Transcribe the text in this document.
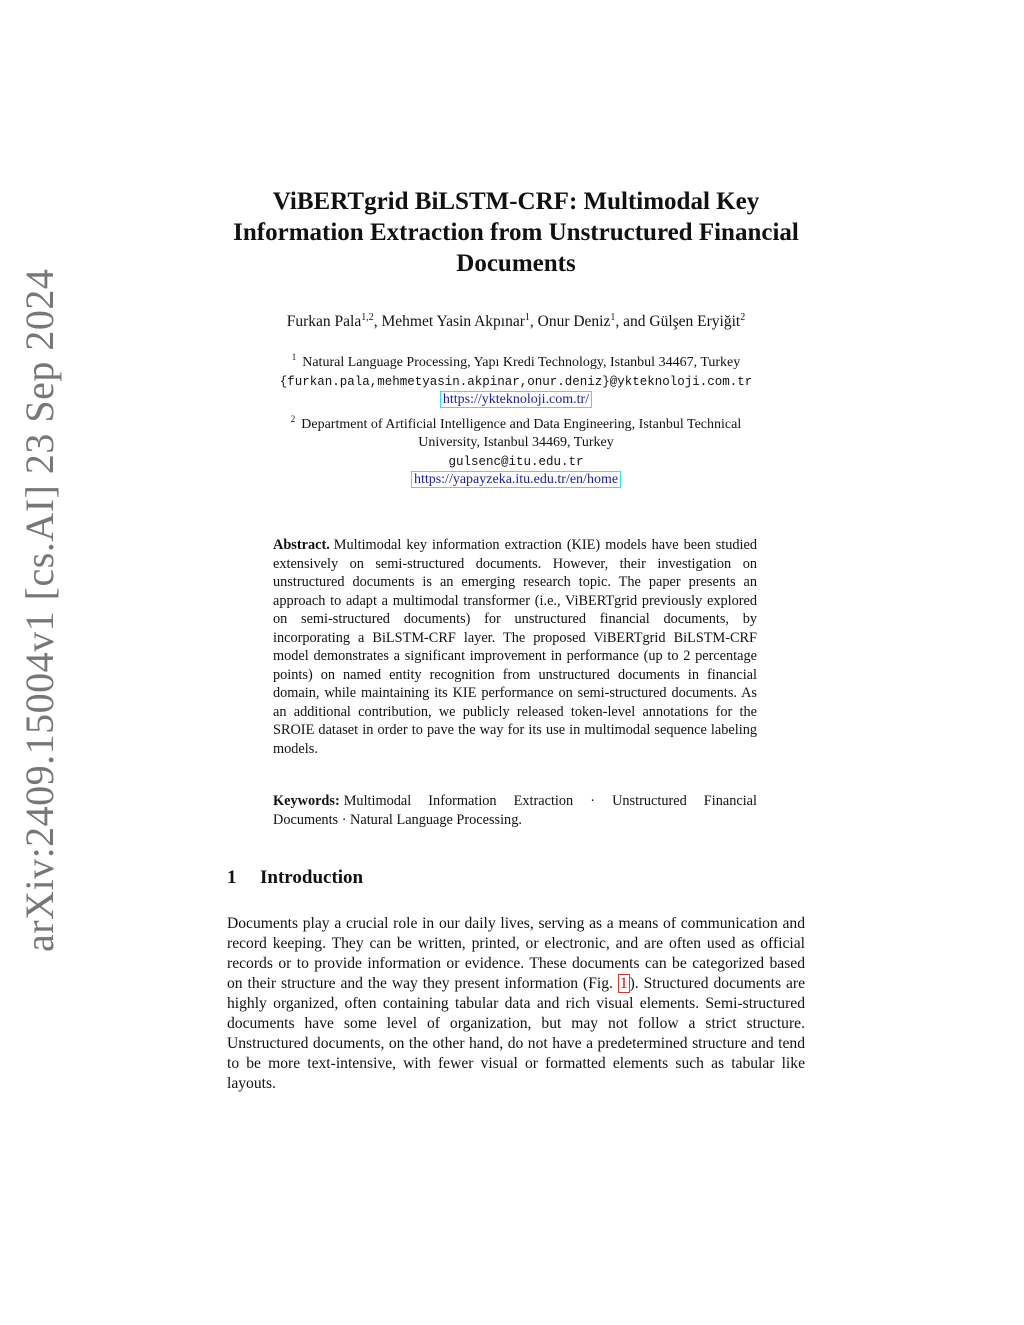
arXiv:2409.15004v1 [cs.AI] 23 Sep 2024
ViBERTgrid BiLSTM-CRF: Multimodal Key Information Extraction from Unstructured Financial Documents
Furkan Pala$^{1,2}$, Mehmet Yasin Akpınar$^1$, Onur Deniz$^1$, and Gülşen Eryiğit$^2$
$^1$ Natural Language Processing, Yapı Kredi Technology, Istanbul 34467, Turkey
{furkan.pala,mehmetyasin.akpinar,onur.deniz}@ykteknoloji.com.tr
https://ykteknoloji.com.tr/
$^2$ Department of Artificial Intelligence and Data Engineering, Istanbul Technical
University, Istanbul 34469, Turkey
gulsenc@itu.edu.tr
https://yapayzeka.itu.edu.tr/en/home
Abstract. Multimodal key information extraction (KIE) models have been studied extensively on semi-structured documents. However, their investigation on unstructured documents is an emerging research topic. The paper presents an approach to adapt a multimodal transformer (i.e., ViBERTgrid previously explored on semi-structured documents) for unstructured financial documents, by incorporating a BiLSTM-CRF layer. The proposed ViBERTgrid BiLSTM-CRF model demonstrates a significant improvement in performance (up to 2 percentage points) on named entity recognition from unstructured documents in financial domain, while maintaining its KIE performance on semi-structured documents. As an additional contribution, we publicly released token-level annotations for the SROIE dataset in order to pave the way for its use in multimodal sequence labeling models.
Keywords: Multimodal Information Extraction · Unstructured Financial Documents · Natural Language Processing.
1 Introduction
Documents play a crucial role in our daily lives, serving as a means of communication and record keeping. They can be written, printed, or electronic, and are often used as official records or to provide information or evidence. These documents can be categorized based on their structure and the way they present information (Fig. 1 ). Structured documents are highly organized, often containing tabular data and rich visual elements. Semi-structured documents have some level of organization, but may not follow a strict structure. Unstructured documents, on the other hand, do not have a predetermined structure and tend to be more text-intensive, with fewer visual or formatted elements such as tabular like layouts.
